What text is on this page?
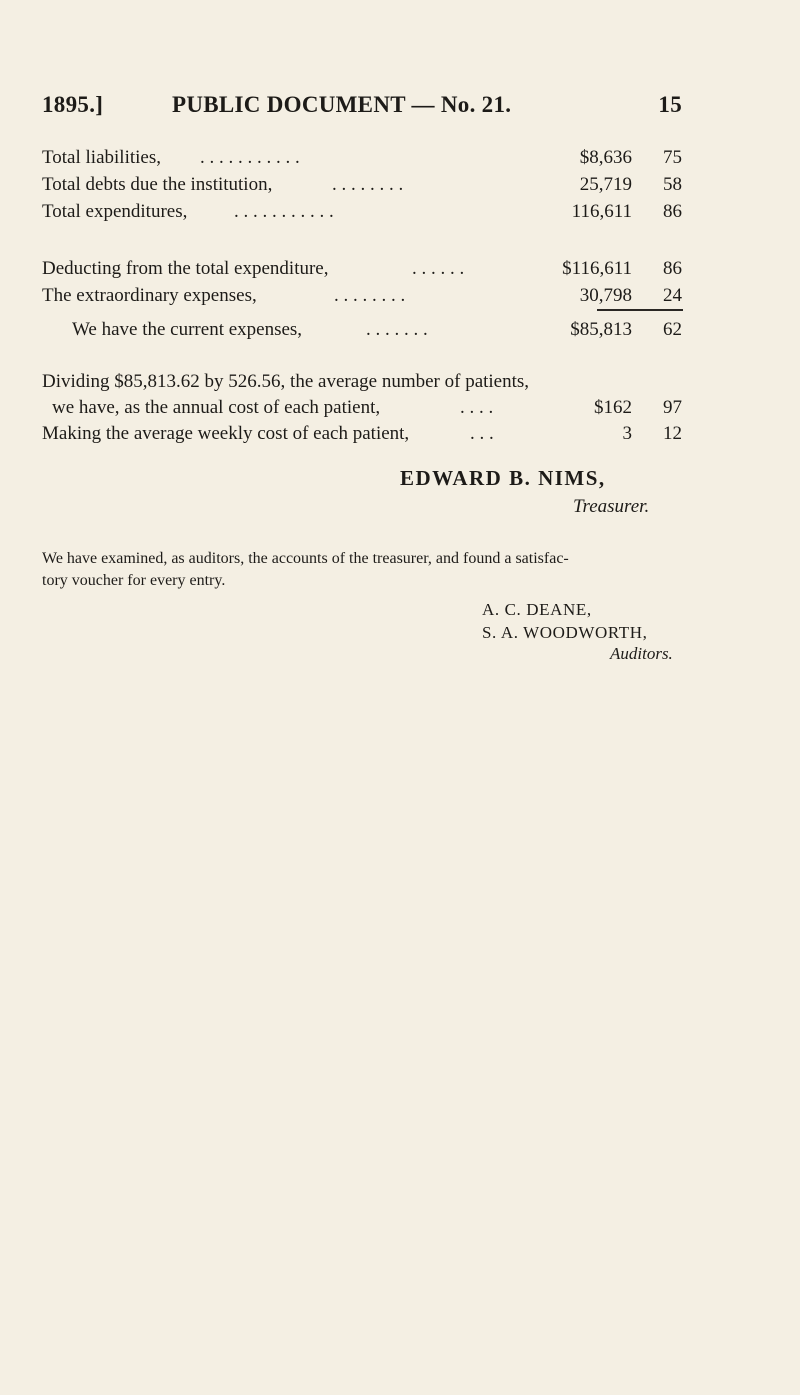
1895.]	PUBLIC DOCUMENT — No. 21.	15
Total liabilities, . . . . . . . . . . .	$8,636	75
Total debts due the institution,	. . . . . . . .	25,719	58
Total expenditures, . . . . . . . . . . .	116,611	86
Deducting from the total expenditure,	. . . . . .	$116,611	86
The extraordinary expenses,	. . . . . . . .	30,798	24
We have the current expenses,	. . . . . . .	$85,813	62
Dividing $85,813.62 by 526.56, the average number of patients,
we have, as the annual cost of each patient,	. . . .	$162	97
Making the average weekly cost of each patient,	. . .	3	12
EDWARD B. NIMS,
Treasurer.
We have examined, as auditors, the accounts of the treasurer, and found a satisfac-
tory voucher for every entry.
A. C. DEANE,
S. A. WOODWORTH,
Auditors.
